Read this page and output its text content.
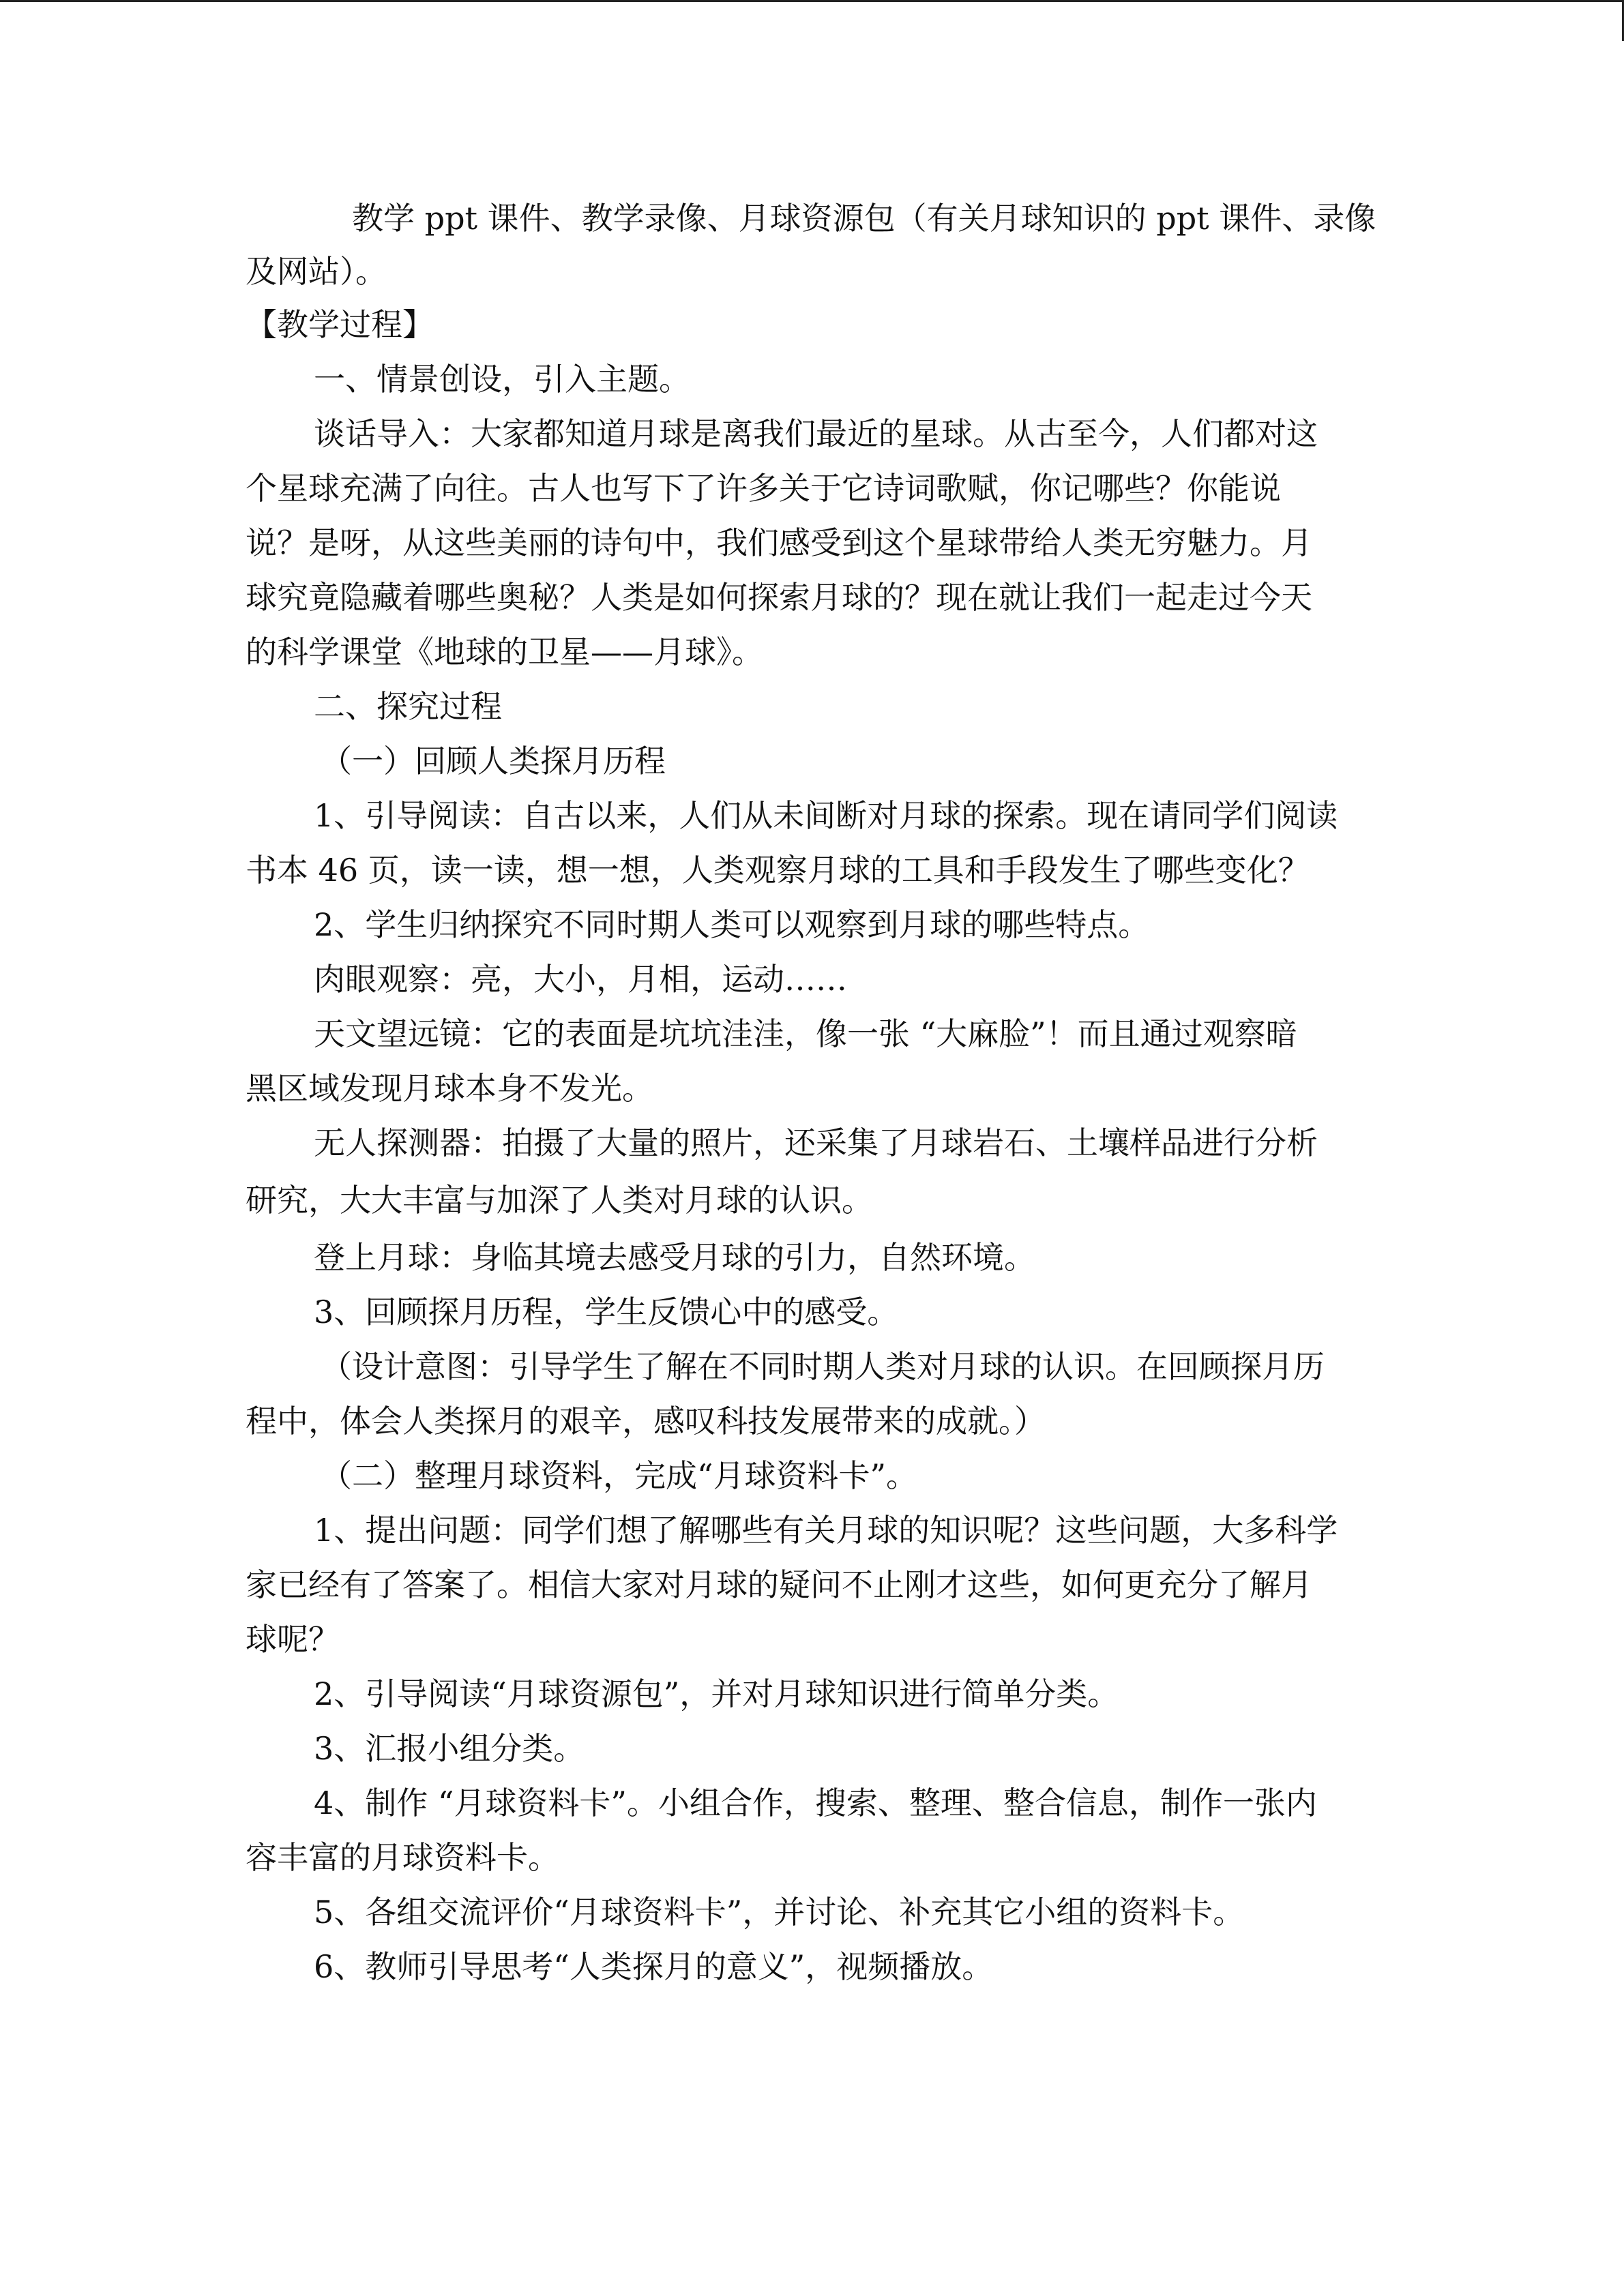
　教学 ppt 课件、教学录像、月球资源包（有关月球知识的 ppt 课件、录像
及网站）。
【教学过程】
一、情景创设，引入主题。
谈话导入：大家都知道月球是离我们最近的星球。从古至今，人们都对这
个星球充满了向往。古人也写下了许多关于它诗词歌赋，你记哪些？你能说
说？是呀，从这些美丽的诗句中，我们感受到这个星球带给人类无穷魅力。月
球究竟隐藏着哪些奥秘？人类是如何探索月球的？现在就让我们一起走过今天
的科学课堂《地球的卫星——月球》。
二、探究过程
（一）回顾人类探月历程
1、引导阅读：自古以来，人们从未间断对月球的探索。现在请同学们阅读
书本 46 页，读一读，想一想，人类观察月球的工具和手段发生了哪些变化？
2、学生归纳探究不同时期人类可以观察到月球的哪些特点。
肉眼观察：亮，大小，月相，运动……
天文望远镜：它的表面是坑坑洼洼，像一张 “大麻脸”！而且通过观察暗
黑区域发现月球本身不发光。
无人探测器：拍摄了大量的照片，还采集了月球岩石、土壤样品进行分析
研究，大大丰富与加深了人类对月球的认识。
登上月球：身临其境去感受月球的引力，自然环境。
3、回顾探月历程，学生反馈心中的感受。
（设计意图：引导学生了解在不同时期人类对月球的认识。在回顾探月历
程中，体会人类探月的艰辛，感叹科技发展带来的成就。）
（二）整理月球资料，完成“月球资料卡”。
1、提出问题：同学们想了解哪些有关月球的知识呢？这些问题，大多科学
家已经有了答案了。相信大家对月球的疑问不止刚才这些，如何更充分了解月
球呢？
2、引导阅读“月球资源包”，并对月球知识进行简单分类。
3、汇报小组分类。
4、制作 “月球资料卡”。小组合作，搜索、整理、整合信息，制作一张内
容丰富的月球资料卡。
5、各组交流评价“月球资料卡”，并讨论、补充其它小组的资料卡。
6、教师引导思考“人类探月的意义”，视频播放。
